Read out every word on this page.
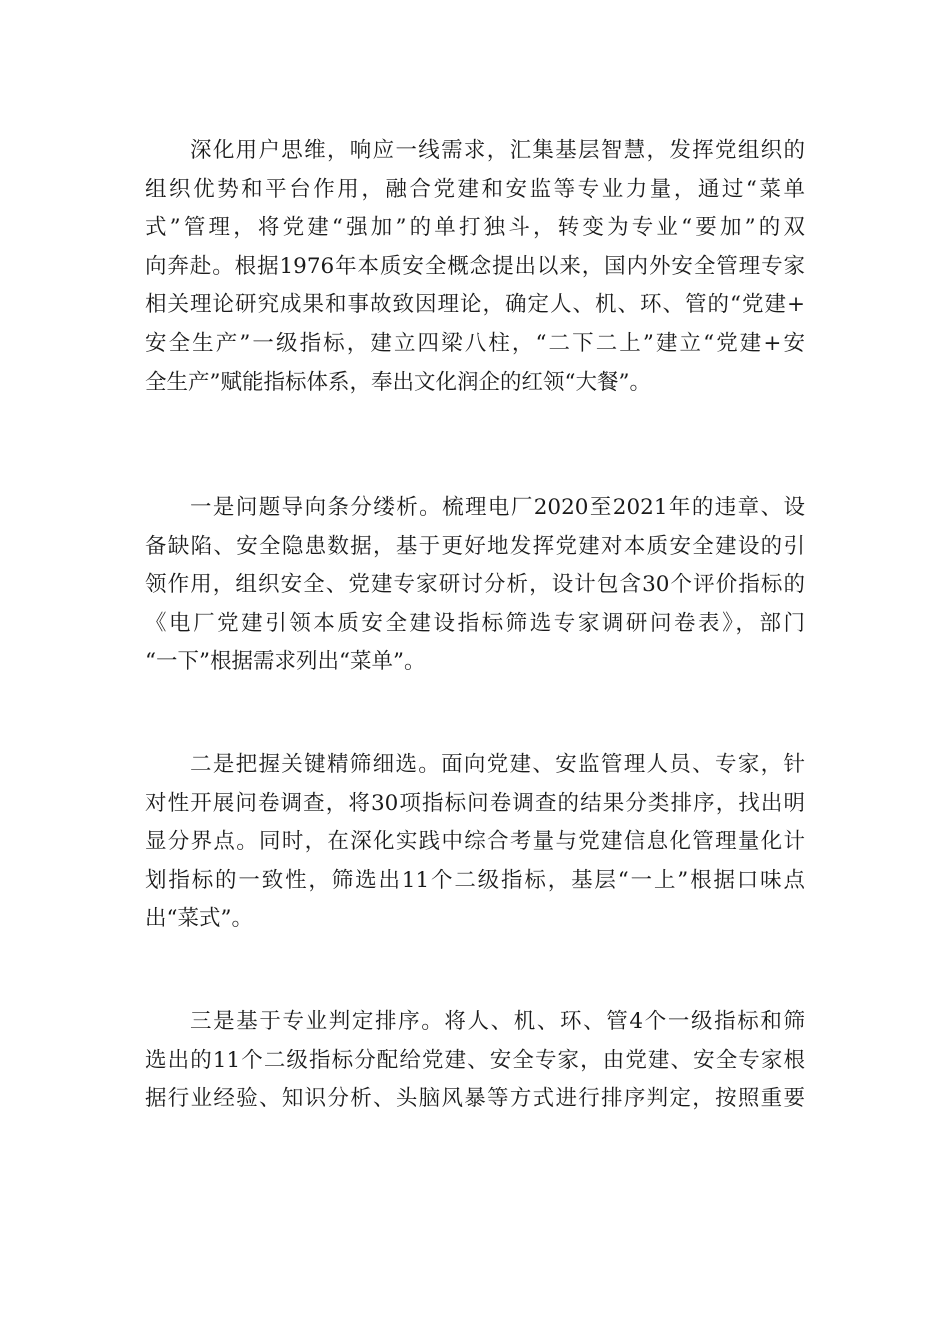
深化用户思维，响应一线需求，汇集基层智慧，发挥党组织的
组织优势和平台作用，融合党建和安监等专业力量，通过“菜单
式”管理，将党建“强加”的单打独斗，转变为专业“要加”的双
向奔赴。根据1976年本质安全概念提出以来，国内外安全管理专家
相关理论研究成果和事故致因理论，确定人、机、环、管的“党建+
安全生产”一级指标，建立四梁八柱，“二下二上”建立“党建+安
全生产”赋能指标体系，奉出文化润企的红领“大餐”。
一是问题导向条分缕析。梳理电厂2020至2021年的违章、设
备缺陷、安全隐患数据，基于更好地发挥党建对本质安全建设的引
领作用，组织安全、党建专家研讨分析，设计包含30个评价指标的
《电厂党建引领本质安全建设指标筛选专家调研问卷表》，部门
“一下”根据需求列出“菜单”。
二是把握关键精筛细选。面向党建、安监管理人员、专家，针
对性开展问卷调查，将30项指标问卷调查的结果分类排序，找出明
显分界点。同时，在深化实践中综合考量与党建信息化管理量化计
划指标的一致性，筛选出11个二级指标，基层“一上”根据口味点
出“菜式”。
三是基于专业判定排序。将人、机、环、管4个一级指标和筛
选出的11个二级指标分配给党建、安全专家，由党建、安全专家根
据行业经验、知识分析、头脑风暴等方式进行排序判定，按照重要
